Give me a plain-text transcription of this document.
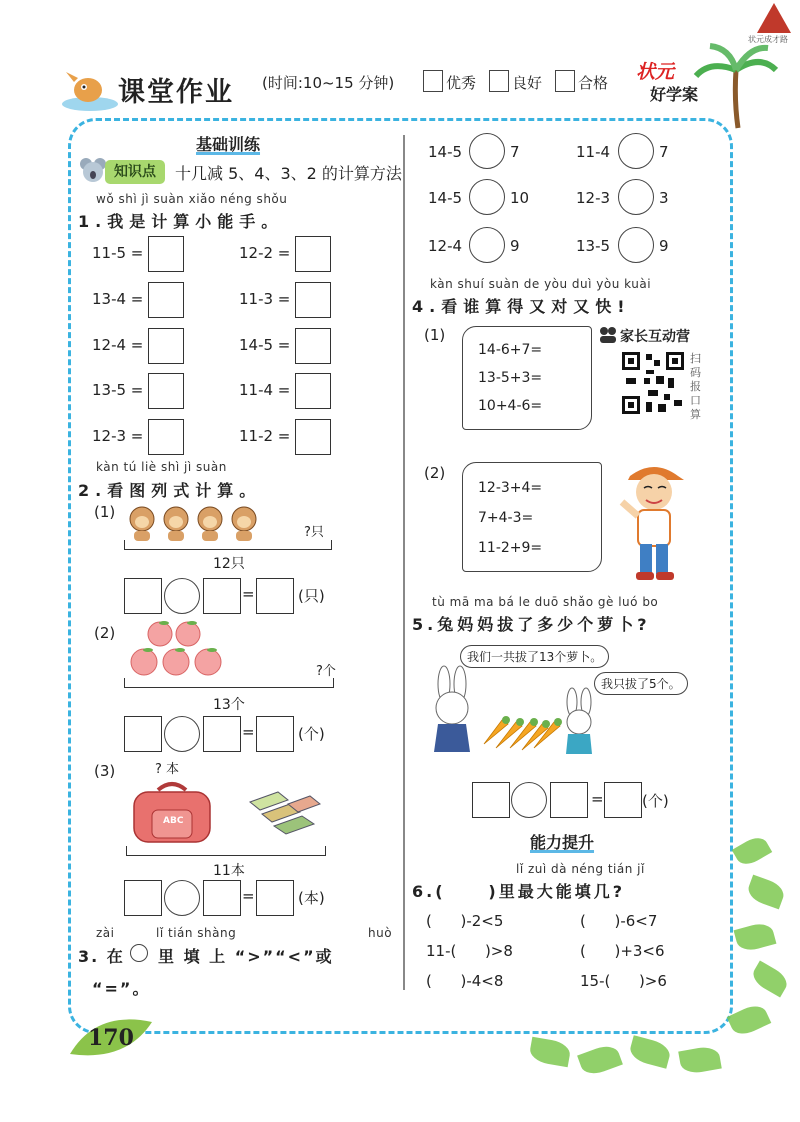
课堂作业 (时间:10~15 分钟)	优秀 良好 合格 状元
好学案
状元成才路
基础训练
知识点	十几减 5、4、3、2 的计算方法
wǒ shì jì suàn xiǎo néng shǒu
1.我是计算小能手。
11-5 =	12-2 =
13-4 =	11-3 =
12-4 =	14-5 =
13-5 =	11-4 =
12-3 =	11-2 =
kàn tú liè shì jì suàn
2.看图列式计算。
(1)
?只
12只
=	(只)
(2)
?个
13个
=	(个)
(3)	? 本
ABC
11本
=	(本)
zài	lǐ tián shàng	huò
3. 在 里 填 上 “>”“<”或
“=”。
14-5	7	11-4	7
14-5	10	12-3	3
12-4	9	13-5	9
kàn shuí suàn de yòu duì yòu kuài
4.看谁算得又对又快!
(1)
14-6+7=
13-5+3=
10+4-6=
家长互动营
扫码报口算
(2)
12-3+4=
7+4-3=
11-2+9=
tù mā ma bá le duō shǎo gè luó bo
5.兔妈妈拔了多少个萝卜?
我们一共拔了13个萝卜。
我只拔了5个。
=	(个)
能力提升
lǐ zuì dà néng tián jǐ
6.(     )里最大能填几?
(      )-2<5	(      )-6<7
11-(      )>8	(      )+3<6
(      )-4<8	15-(      )>6
170
